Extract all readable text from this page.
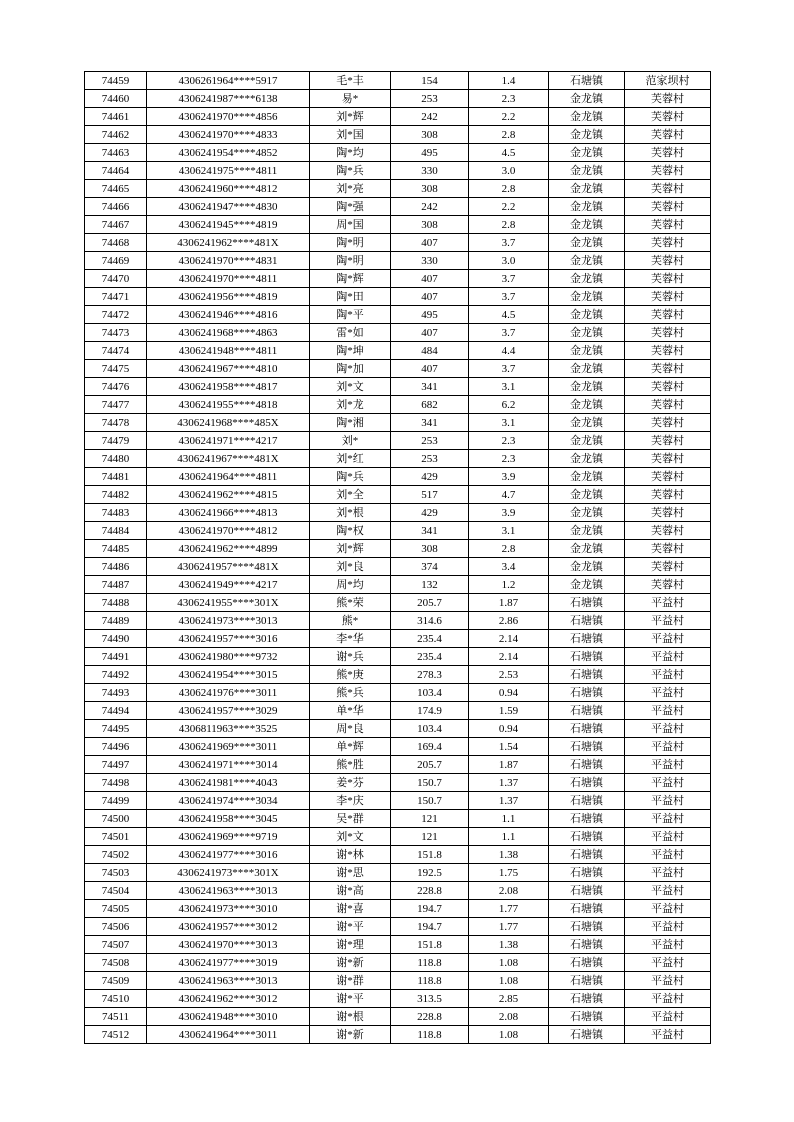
74459	4306261964****5917	毛*丰	154	1.4	石塘镇	范家坝村
74460	4306241987****6138	易*	253	2.3	金龙镇	芙蓉村
74461	4306241970****4856	刘*辉	242	2.2	金龙镇	芙蓉村
74462	4306241970****4833	刘*国	308	2.8	金龙镇	芙蓉村
74463	4306241954****4852	陶*均	495	4.5	金龙镇	芙蓉村
74464	4306241975****4811	陶*兵	330	3.0	金龙镇	芙蓉村
74465	4306241960****4812	刘*亮	308	2.8	金龙镇	芙蓉村
74466	4306241947****4830	陶*强	242	2.2	金龙镇	芙蓉村
74467	4306241945****4819	周*国	308	2.8	金龙镇	芙蓉村
74468	4306241962****481X	陶*明	407	3.7	金龙镇	芙蓉村
74469	4306241970****4831	陶*明	330	3.0	金龙镇	芙蓉村
74470	4306241970****4811	陶*辉	407	3.7	金龙镇	芙蓉村
74471	4306241956****4819	陶*田	407	3.7	金龙镇	芙蓉村
74472	4306241946****4816	陶*平	495	4.5	金龙镇	芙蓉村
74473	4306241968****4863	雷*如	407	3.7	金龙镇	芙蓉村
74474	4306241948****4811	陶*坤	484	4.4	金龙镇	芙蓉村
74475	4306241967****4810	陶*加	407	3.7	金龙镇	芙蓉村
74476	4306241958****4817	刘*文	341	3.1	金龙镇	芙蓉村
74477	4306241955****4818	刘*龙	682	6.2	金龙镇	芙蓉村
74478	4306241968****485X	陶*湘	341	3.1	金龙镇	芙蓉村
74479	4306241971****4217	刘*	253	2.3	金龙镇	芙蓉村
74480	4306241967****481X	刘*红	253	2.3	金龙镇	芙蓉村
74481	4306241964****4811	陶*兵	429	3.9	金龙镇	芙蓉村
74482	4306241962****4815	刘*全	517	4.7	金龙镇	芙蓉村
74483	4306241966****4813	刘*根	429	3.9	金龙镇	芙蓉村
74484	4306241970****4812	陶*权	341	3.1	金龙镇	芙蓉村
74485	4306241962****4899	刘*辉	308	2.8	金龙镇	芙蓉村
74486	4306241957****481X	刘*良	374	3.4	金龙镇	芙蓉村
74487	4306241949****4217	周*均	132	1.2	金龙镇	芙蓉村
74488	4306241955****301X	熊*荣	205.7	1.87	石塘镇	平益村
74489	4306241973****3013	熊*	314.6	2.86	石塘镇	平益村
74490	4306241957****3016	李*华	235.4	2.14	石塘镇	平益村
74491	4306241980****9732	谢*兵	235.4	2.14	石塘镇	平益村
74492	4306241954****3015	熊*庚	278.3	2.53	石塘镇	平益村
74493	4306241976****3011	熊*兵	103.4	0.94	石塘镇	平益村
74494	4306241957****3029	单*华	174.9	1.59	石塘镇	平益村
74495	4306811963****3525	周*良	103.4	0.94	石塘镇	平益村
74496	4306241969****3011	单*辉	169.4	1.54	石塘镇	平益村
74497	4306241971****3014	熊*胜	205.7	1.87	石塘镇	平益村
74498	4306241981****4043	姜*芬	150.7	1.37	石塘镇	平益村
74499	4306241974****3034	李*庆	150.7	1.37	石塘镇	平益村
74500	4306241958****3045	吴*群	121	1.1	石塘镇	平益村
74501	4306241969****9719	刘*文	121	1.1	石塘镇	平益村
74502	4306241977****3016	谢*林	151.8	1.38	石塘镇	平益村
74503	4306241973****301X	谢*思	192.5	1.75	石塘镇	平益村
74504	4306241963****3013	谢*高	228.8	2.08	石塘镇	平益村
74505	4306241973****3010	谢*喜	194.7	1.77	石塘镇	平益村
74506	4306241957****3012	谢*平	194.7	1.77	石塘镇	平益村
74507	4306241970****3013	谢*理	151.8	1.38	石塘镇	平益村
74508	4306241977****3019	谢*新	118.8	1.08	石塘镇	平益村
74509	4306241963****3013	谢*群	118.8	1.08	石塘镇	平益村
74510	4306241962****3012	谢*平	313.5	2.85	石塘镇	平益村
74511	4306241948****3010	谢*根	228.8	2.08	石塘镇	平益村
74512	4306241964****3011	谢*新	118.8	1.08	石塘镇	平益村
